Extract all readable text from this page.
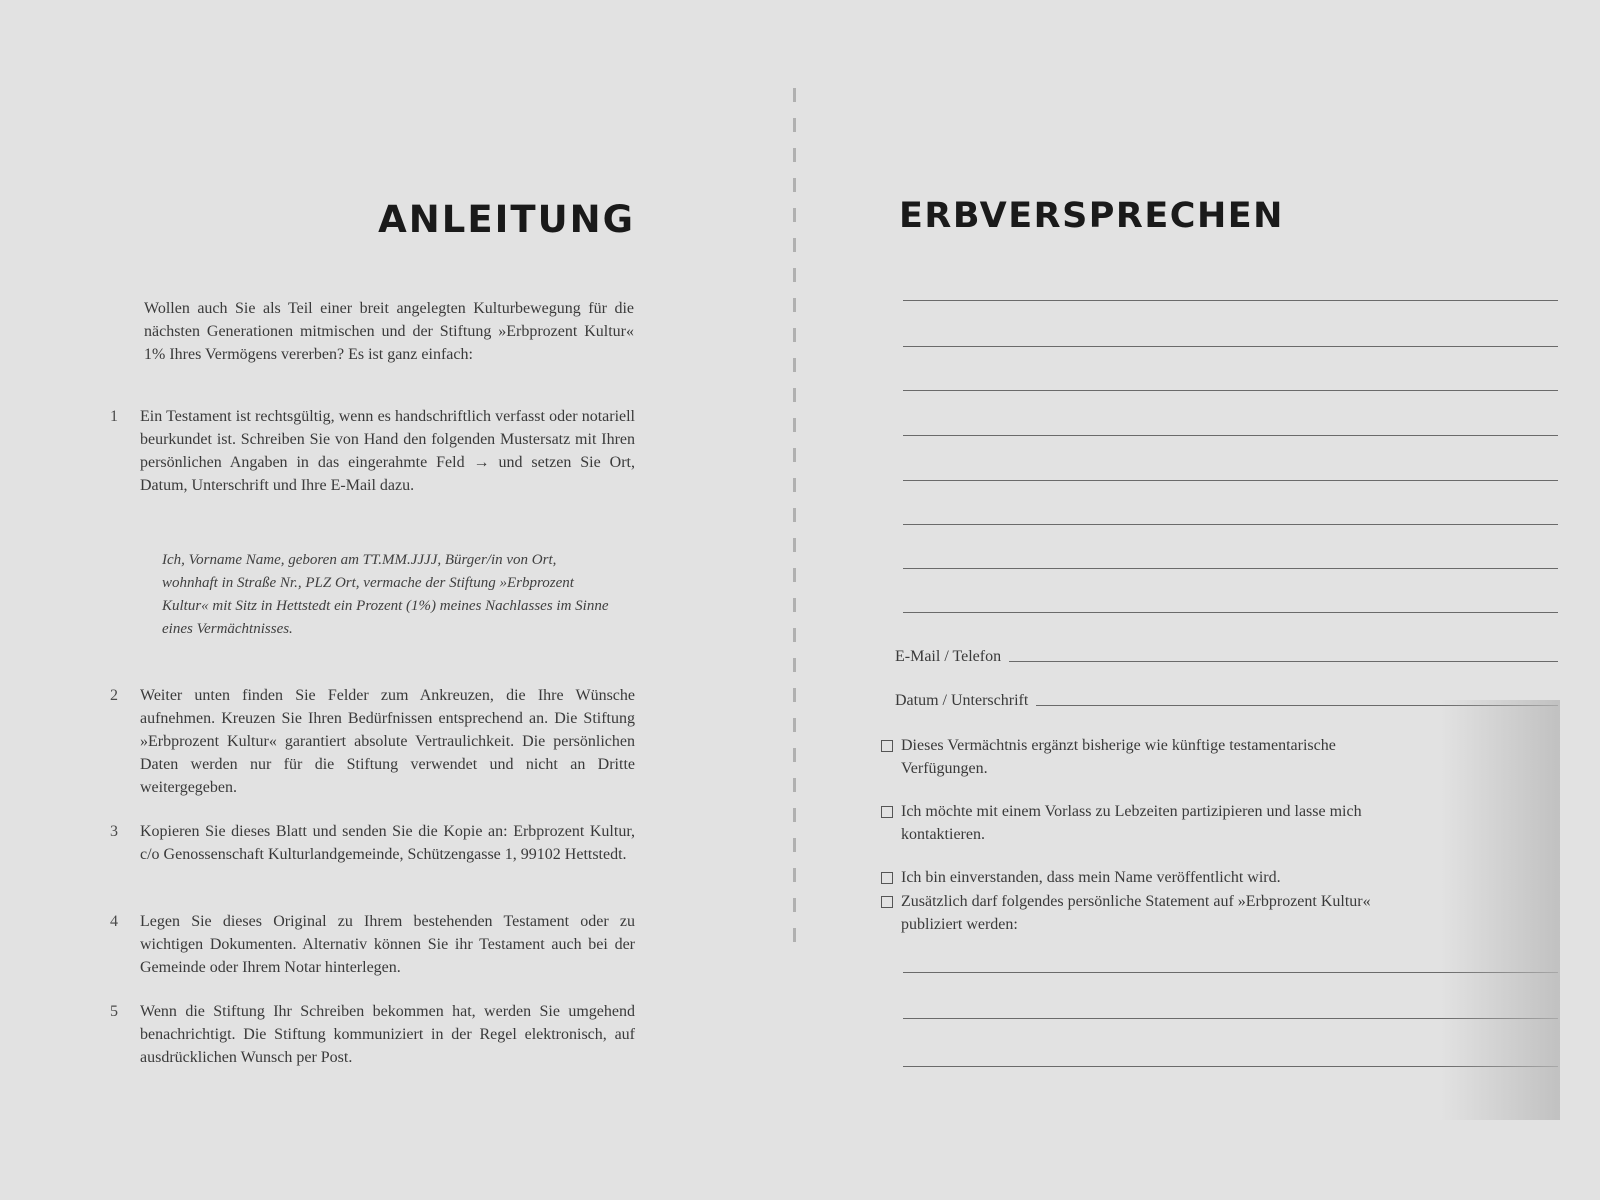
ANLEITUNG

Wollen auch Sie als Teil einer breit angelegten Kulturbewegung für die nächsten Generationen mitmischen und der Stiftung »Erbprozent Kultur« 1% Ihres Vermögens vererben? Es ist ganz einfach:

1	Ein Testament ist rechtsgültig, wenn es handschriftlich verfasst oder notariell beurkundet ist. Schreiben Sie von Hand den folgenden Mustersatz mit Ihren persönlichen Angaben in das eingerahmte Feld → und setzen Sie Ort, Datum, Unterschrift und Ihre E-Mail dazu.
Ich, Vorname Name, geboren am TT.MM.JJJJ, Bürger/in von Ort, wohnhaft in Straße Nr., PLZ Ort, vermache der Stiftung »Erbprozent Kultur« mit Sitz in Hettstedt ein Prozent (1%) meines Nachlasses im Sinne eines Vermächtnisses.
2	Weiter unten finden Sie Felder zum Ankreuzen, die Ihre Wünsche aufnehmen. Kreuzen Sie Ihren Bedürfnissen entsprechend an. Die Stiftung »Erbprozent Kultur« garantiert absolute Vertraulichkeit. Die persönlichen Daten werden nur für die Stiftung verwendet und nicht an Dritte weitergegeben.
3	Kopieren Sie dieses Blatt und senden Sie die Kopie an: Erbprozent Kultur, c/o Genossenschaft Kulturlandgemeinde, Schützengasse 1, 99102 Hettstedt.
4	Legen Sie dieses Original zu Ihrem bestehenden Testament oder zu wichtigen Dokumenten. Alternativ können Sie ihr Testament auch bei der Gemeinde oder Ihrem Notar hinterlegen.
5	Wenn die Stiftung Ihr Schreiben bekommen hat, werden Sie umgehend benachrichtigt. Die Stiftung kommuniziert in der Regel elektronisch, auf ausdrücklichen Wunsch per Post.
ERBVERSPRECHEN
E-Mail / Telefon
Datum / Unterschrift
Dieses Vermächtnis ergänzt bisherige wie künftige testamentarische Verfügungen.
Ich möchte mit einem Vorlass zu Lebzeiten partizipieren und lasse mich kontaktieren.
Ich bin einverstanden, dass mein Name veröffentlicht wird.
Zusätzlich darf folgendes persönliche Statement auf »Erbprozent Kultur« publiziert werden:
